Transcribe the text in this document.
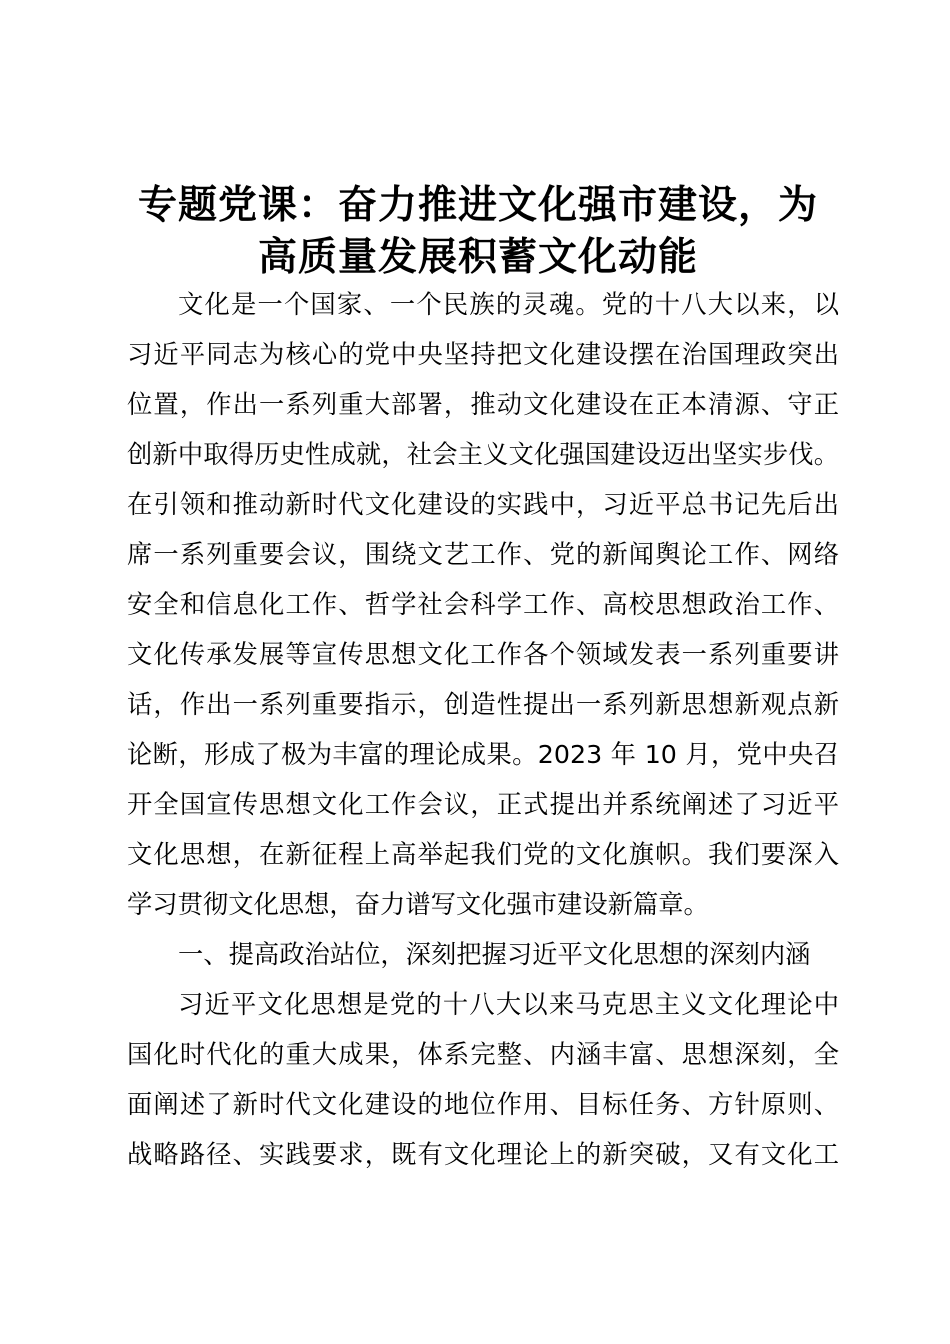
专题党课：奋力推进文化强市建设，为
高质量发展积蓄文化动能
文化是一个国家、一个民族的灵魂。党的十八大以来，以
习近平同志为核心的党中央坚持把文化建设摆在治国理政突出
位置，作出一系列重大部署，推动文化建设在正本清源、守正
创新中取得历史性成就，社会主义文化强国建设迈出坚实步伐。
在引领和推动新时代文化建设的实践中，习近平总书记先后出
席一系列重要会议，围绕文艺工作、党的新闻舆论工作、网络
安全和信息化工作、哲学社会科学工作、高校思想政治工作、
文化传承发展等宣传思想文化工作各个领域发表一系列重要讲
话，作出一系列重要指示，创造性提出一系列新思想新观点新
论断，形成了极为丰富的理论成果。2023 年 10 月，党中央召
开全国宣传思想文化工作会议，正式提出并系统阐述了习近平
文化思想，在新征程上高举起我们党的文化旗帜。我们要深入
学习贯彻文化思想，奋力谱写文化强市建设新篇章。
一、提高政治站位，深刻把握习近平文化思想的深刻内涵
习近平文化思想是党的十八大以来马克思主义文化理论中
国化时代化的重大成果，体系完整、内涵丰富、思想深刻，全
面阐述了新时代文化建设的地位作用、目标任务、方针原则、
战略路径、实践要求，既有文化理论上的新突破，又有文化工
